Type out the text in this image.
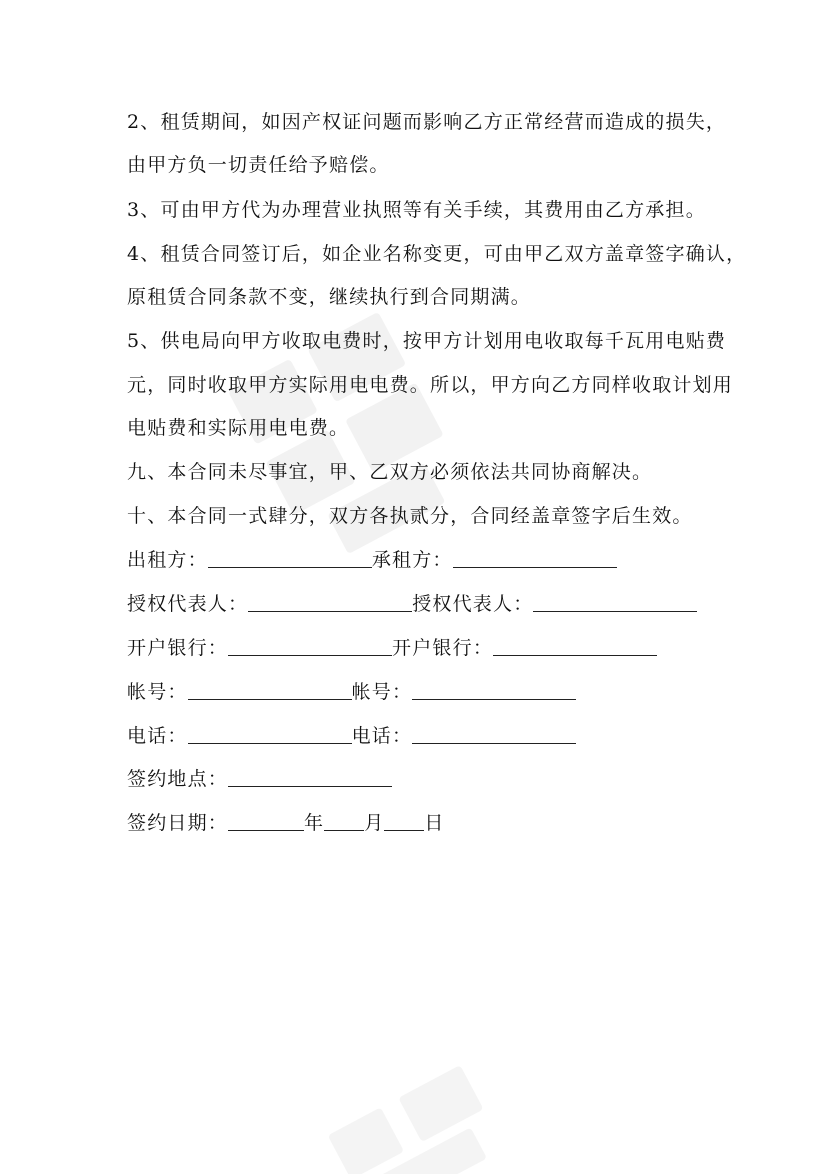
2、租赁期间，如因产权证问题而影响乙方正常经营而造成的损失，
由甲方负一切责任给予赔偿。
3、可由甲方代为办理营业执照等有关手续，其费用由乙方承担。
4、租赁合同签订后，如企业名称变更，可由甲乙双方盖章签字确认，
原租赁合同条款不变，继续执行到合同期满。
5、供电局向甲方收取电费时，按甲方计划用电收取每千瓦用电贴费
元，同时收取甲方实际用电电费。所以，甲方向乙方同样收取计划用
电贴费和实际用电电费。
九、本合同未尽事宜，甲、乙双方必须依法共同协商解决。
十、本合同一式肆分，双方各执贰分，合同经盖章签字后生效。
出租方：	承租方：
授权代表人：	授权代表人：
开户银行：	开户银行：
帐号：	帐号：
电话：	电话：
签约地点：
签约日期：	年 月 日
